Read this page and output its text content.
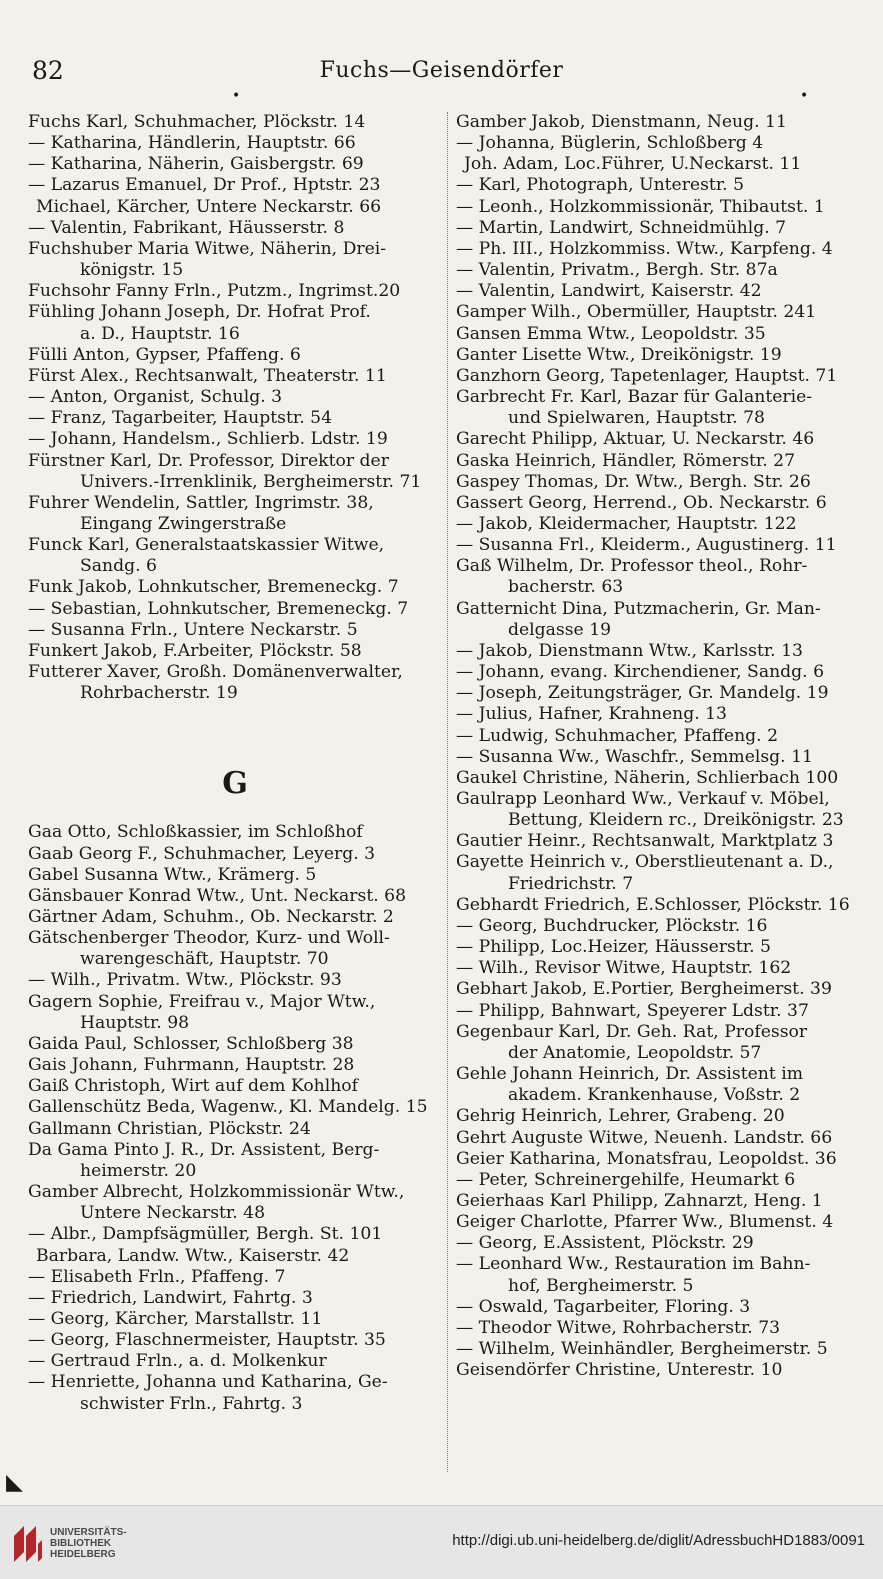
82	Fuchs—Geisendörfer
•	•
Fuchs Karl, Schuhmacher, Plöckstr. 14
— Katharina, Händlerin, Hauptstr. 66
— Katharina, Näherin, Gaisbergstr. 69
— Lazarus Emanuel, Dr Prof., Hptstr. 23
Michael, Kärcher, Untere Neckarstr. 66
— Valentin, Fabrikant, Häusserstr. 8
Fuchshuber Maria Witwe, Näherin, Drei-
königstr. 15
Fuchsohr Fanny Frln., Putzm., Ingrimst.20
Fühling Johann Joseph, Dr. Hofrat Prof.
a. D., Hauptstr. 16
Fülli Anton, Gypser, Pfaffeng. 6
Fürst Alex., Rechtsanwalt, Theaterstr. 11
— Anton, Organist, Schulg. 3
— Franz, Tagarbeiter, Hauptstr. 54
— Johann, Handelsm., Schlierb. Ldstr. 19
Fürstner Karl, Dr. Professor, Direktor der
Univers.-Irrenklinik, Bergheimerstr. 71
Fuhrer Wendelin, Sattler, Ingrimstr. 38,
Eingang Zwingerstraße
Funck Karl, Generalstaatskassier Witwe,
Sandg. 6
Funk Jakob, Lohnkutscher, Bremeneckg. 7
— Sebastian, Lohnkutscher, Bremeneckg. 7
— Susanna Frln., Untere Neckarstr. 5
Funkert Jakob, F.Arbeiter, Plöckstr. 58
Futterer Xaver, Großh. Domänenverwalter,
Rohrbacherstr. 19
G
Gaa Otto, Schloßkassier, im Schloßhof
Gaab Georg F., Schuhmacher, Leyerg. 3
Gabel Susanna Wtw., Krämerg. 5
Gänsbauer Konrad Wtw., Unt. Neckarst. 68
Gärtner Adam, Schuhm., Ob. Neckarstr. 2
Gätschenberger Theodor, Kurz- und Woll-
warengeschäft, Hauptstr. 70
— Wilh., Privatm. Wtw., Plöckstr. 93
Gagern Sophie, Freifrau v., Major Wtw.,
Hauptstr. 98
Gaida Paul, Schlosser, Schloßberg 38
Gais Johann, Fuhrmann, Hauptstr. 28
Gaiß Christoph, Wirt auf dem Kohlhof
Gallenschütz Beda, Wagenw., Kl. Mandelg. 15
Gallmann Christian, Plöckstr. 24
Da Gama Pinto J. R., Dr. Assistent, Berg-
heimerstr. 20
Gamber Albrecht, Holzkommissionär Wtw.,
Untere Neckarstr. 48
— Albr., Dampfsägmüller, Bergh. St. 101
Barbara, Landw. Wtw., Kaiserstr. 42
— Elisabeth Frln., Pfaffeng. 7
— Friedrich, Landwirt, Fahrtg. 3
— Georg, Kärcher, Marstallstr. 11
— Georg, Flaschnermeister, Hauptstr. 35
— Gertraud Frln., a. d. Molkenkur
— Henriette, Johanna und Katharina, Ge-
schwister Frln., Fahrtg. 3
Gamber Jakob, Dienstmann, Neug. 11
— Johanna, Büglerin, Schloßberg 4
Joh. Adam, Loc.Führer, U.Neckarst. 11
— Karl, Photograph, Unterestr. 5
— Leonh., Holzkommissionär, Thibautst. 1
— Martin, Landwirt, Schneidmühlg. 7
— Ph. III., Holzkommiss. Wtw., Karpfeng. 4
— Valentin, Privatm., Bergh. Str. 87a
— Valentin, Landwirt, Kaiserstr. 42
Gamper Wilh., Obermüller, Hauptstr. 241
Gansen Emma Wtw., Leopoldstr. 35
Ganter Lisette Wtw., Dreikönigstr. 19
Ganzhorn Georg, Tapetenlager, Hauptst. 71
Garbrecht Fr. Karl, Bazar für Galanterie-
und Spielwaren, Hauptstr. 78
Garecht Philipp, Aktuar, U. Neckarstr. 46
Gaska Heinrich, Händler, Römerstr. 27
Gaspey Thomas, Dr. Wtw., Bergh. Str. 26
Gassert Georg, Herrend., Ob. Neckarstr. 6
— Jakob, Kleidermacher, Hauptstr. 122
— Susanna Frl., Kleiderm., Augustinerg. 11
Gaß Wilhelm, Dr. Professor theol., Rohr-
bacherstr. 63
Gatternicht Dina, Putzmacherin, Gr. Man-
delgasse 19
— Jakob, Dienstmann Wtw., Karlsstr. 13
— Johann, evang. Kirchendiener, Sandg. 6
— Joseph, Zeitungsträger, Gr. Mandelg. 19
— Julius, Hafner, Krahneng. 13
— Ludwig, Schuhmacher, Pfaffeng. 2
— Susanna Ww., Waschfr., Semmelsg. 11
Gaukel Christine, Näherin, Schlierbach 100
Gaulrapp Leonhard Ww., Verkauf v. Möbel,
Bettung, Kleidern rc., Dreikönigstr. 23
Gautier Heinr., Rechtsanwalt, Marktplatz 3
Gayette Heinrich v., Oberstlieutenant a. D.,
Friedrichstr. 7
Gebhardt Friedrich, E.Schlosser, Plöckstr. 16
— Georg, Buchdrucker, Plöckstr. 16
— Philipp, Loc.Heizer, Häusserstr. 5
— Wilh., Revisor Witwe, Hauptstr. 162
Gebhart Jakob, E.Portier, Bergheimerst. 39
— Philipp, Bahnwart, Speyerer Ldstr. 37
Gegenbaur Karl, Dr. Geh. Rat, Professor
der Anatomie, Leopoldstr. 57
Gehle Johann Heinrich, Dr. Assistent im
akadem. Krankenhause, Voßstr. 2
Gehrig Heinrich, Lehrer, Grabeng. 20
Gehrt Auguste Witwe, Neuenh. Landstr. 66
Geier Katharina, Monatsfrau, Leopoldst. 36
— Peter, Schreinergehilfe, Heumarkt 6
Geierhaas Karl Philipp, Zahnarzt, Heng. 1
Geiger Charlotte, Pfarrer Ww., Blumenst. 4
— Georg, E.Assistent, Plöckstr. 29
— Leonhard Ww., Restauration im Bahn-
hof, Bergheimerstr. 5
— Oswald, Tagarbeiter, Floring. 3
— Theodor Witwe, Rohrbacherstr. 73
— Wilhelm, Weinhändler, Bergheimerstr. 5
Geisendörfer Christine, Unterestr. 10
◣
UNIVERSITÄTS-
BIBLIOTHEK
HEIDELBERG
http://digi.ub.uni-heidelberg.de/diglit/AdressbuchHD1883/0091
